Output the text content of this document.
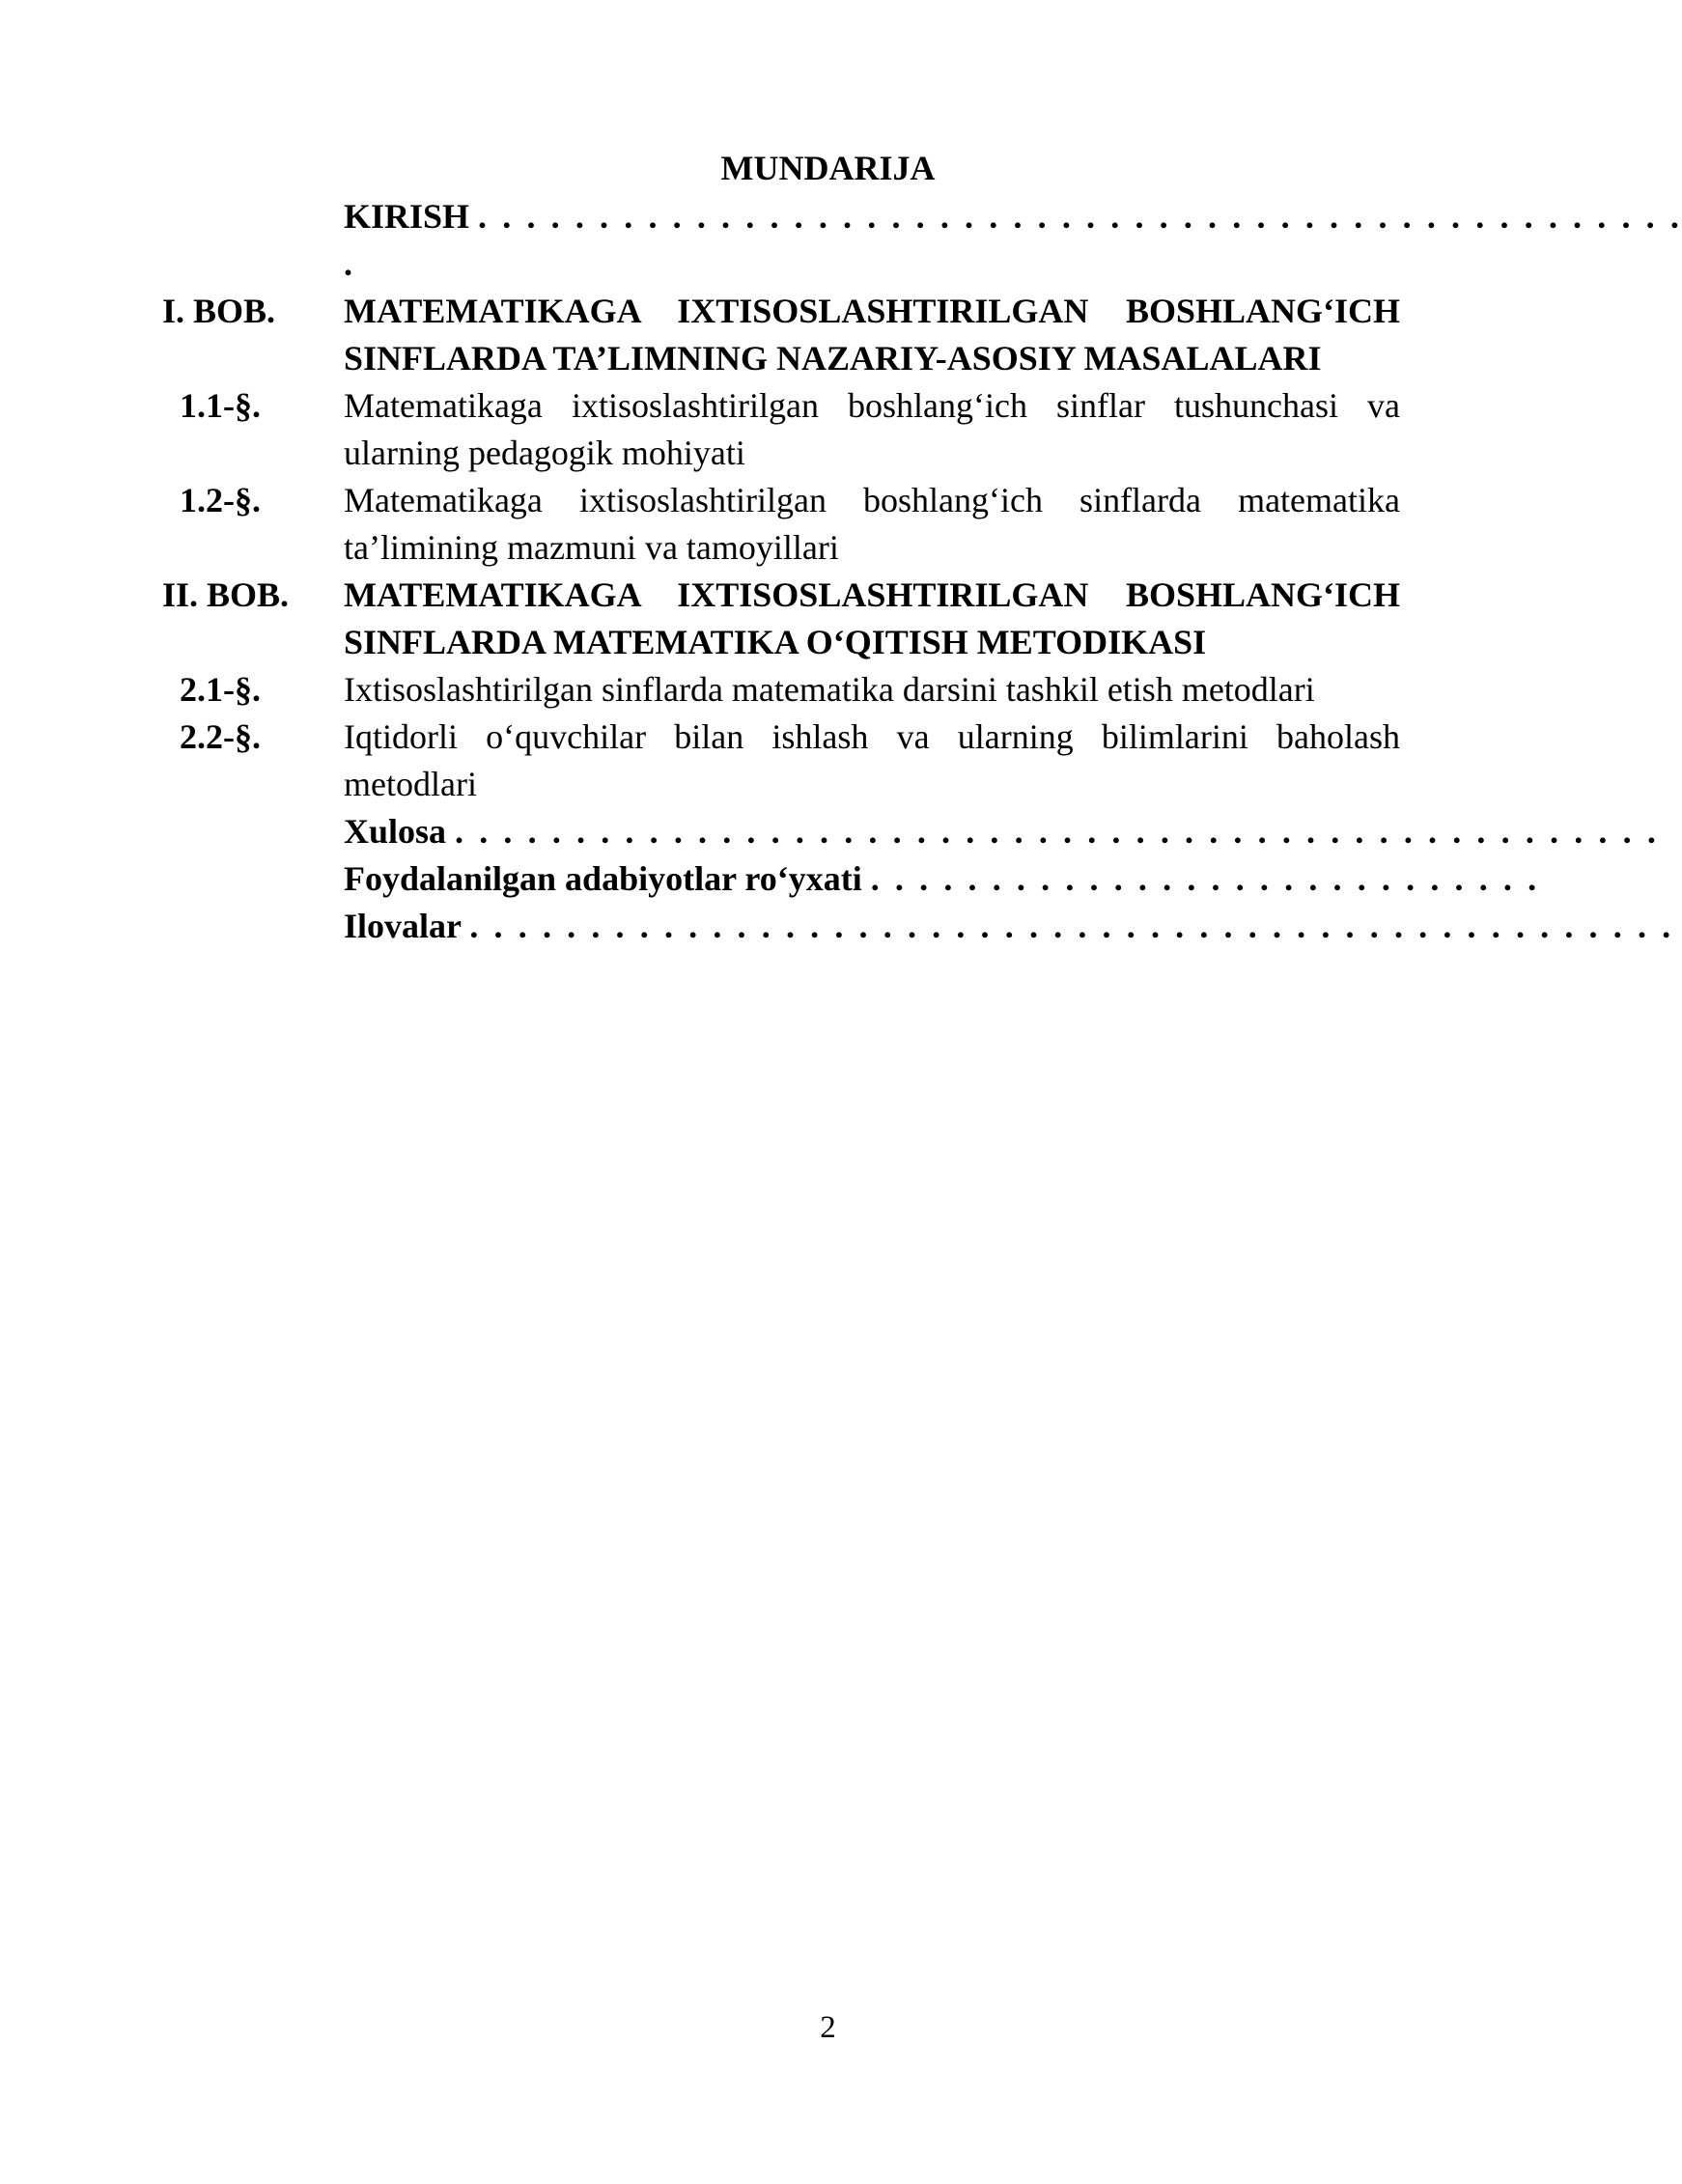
MUNDARIJA
KIRISH . . . . . . . . . . . . . . . . . . . . . . . . . . . . . . . . . . . . . . . . . . . . . . . . . .
.
I. BOB.	MATEMATIKAGA IXTISOSLASHTIRILGAN BOSHLANG‘ICH SINFLARDA TA’LIMNING NAZARIY-ASOSIY MASALALARI
1.1-§.	Matematikaga ixtisoslashtirilgan boshlang‘ich sinflar tushunchasi va ularning pedagogik mohiyati
1.2-§.	Matematikaga ixtisoslashtirilgan boshlang‘ich sinflarda matematika ta’limining mazmuni va tamoyillari
II. BOB.	MATEMATIKAGA IXTISOSLASHTIRILGAN BOSHLANG‘ICH SINFLARDA MATEMATIKA O‘QITISH METODIKASI
2.1-§.	Ixtisoslashtirilgan sinflarda matematika darsini tashkil etish metodlari
2.2-§.	Iqtidorli o‘quvchilar bilan ishlash va ularning bilimlarini baholash metodlari
Xulosa . . . . . . . . . . . . . . . . . . . . . . . . . . . . . . . . . . . . . . . . . . . . . . . . . .
Foydalanilgan adabiyotlar ro‘yxati . . . . . . . . . . . . . . . . . . . . . . . . . . . .
Ilovalar . . . . . . . . . . . . . . . . . . . . . . . . . . . . . . . . . . . . . . . . . . . . . . . . . .
2
